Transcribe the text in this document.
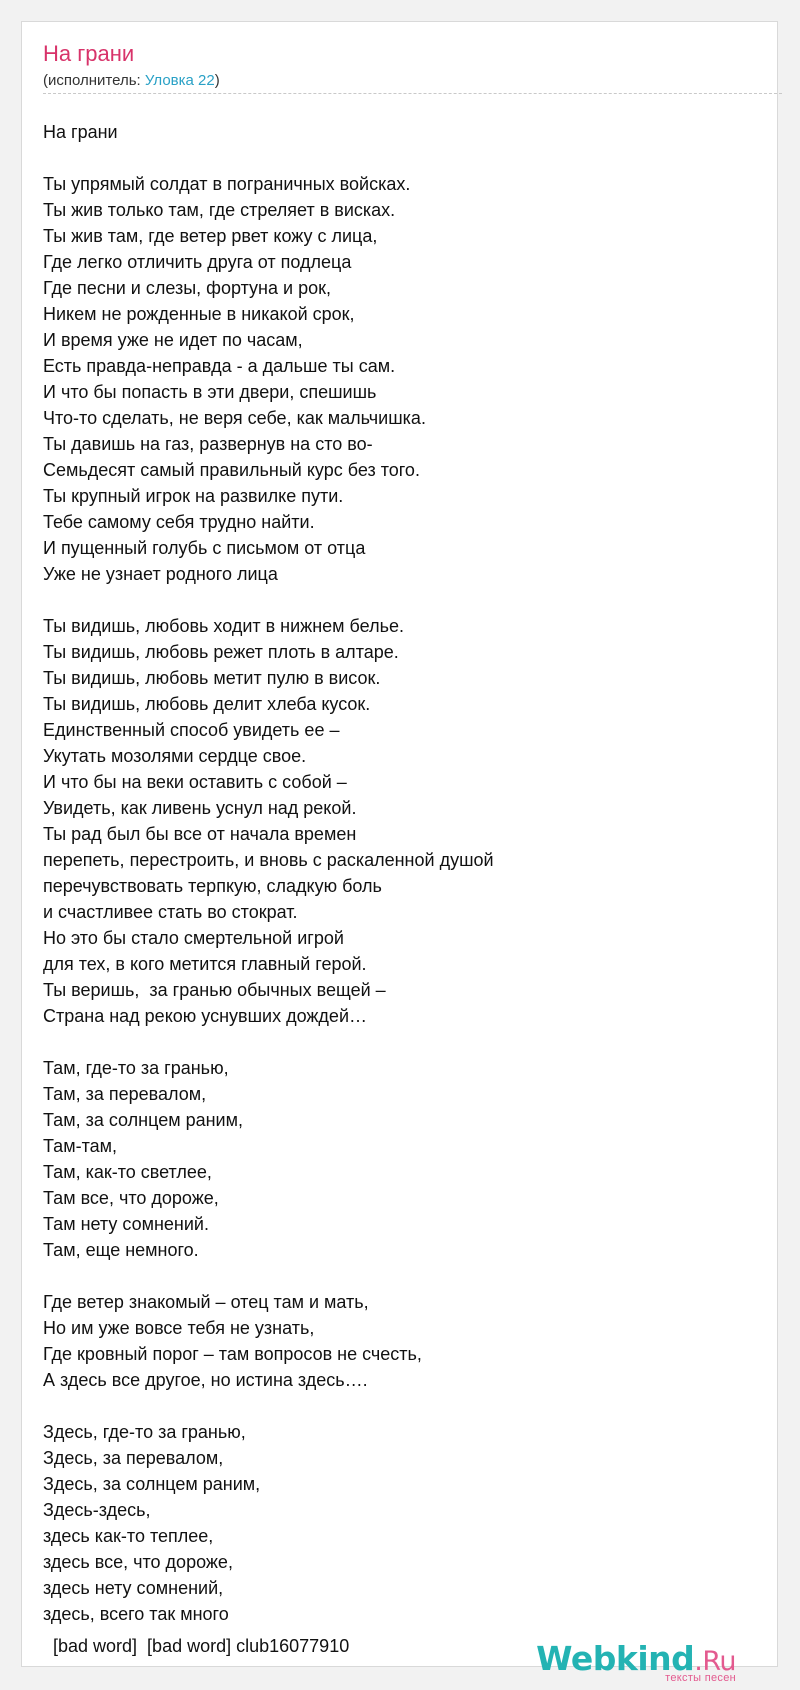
На грани
(исполнитель: Уловка 22)
На грани
Ты упрямый солдат в пограничных войсках.
Ты жив только там, где стреляет в висках.
Ты жив там, где ветер рвет кожу с лица,
Где легко отличить друга от подлеца
Где песни и слезы, фортуна и рок,
Никем не рожденные в никакой срок,
И время уже не идет по часам,
Есть правда-неправда - а дальше ты сам.
И что бы попасть в эти двери, спешишь
Что-то сделать, не веря себе, как мальчишка.
Ты давишь на газ, развернув на сто во-
Семьдесят самый правильный курс без того.
Ты крупный игрок на развилке пути.
Тебе самому себя трудно найти.
И пущенный голубь с письмом от отца
Уже не узнает родного лица
Ты видишь, любовь ходит в нижнем белье.
Ты видишь, любовь режет плоть в алтаре.
Ты видишь, любовь метит пулю в висок.
Ты видишь, любовь делит хлеба кусок.
Единственный способ увидеть ее –
Укутать мозолями сердце свое.
И что бы на веки оставить с собой –
Увидеть, как ливень уснул над рекой.
Ты рад был бы все от начала времен
перепеть, перестроить, и вновь с раскаленной душой
перечувствовать терпкую, сладкую боль
и счастливее стать во стократ.
Но это бы стало смертельной игрой
для тех, в кого метится главный герой.
Ты веришь,  за гранью обычных вещей –
Страна над рекою уснувших дождей…
Там, где-то за гранью,
Там, за перевалом,
Там, за солнцем раним,
Там-там,
Там, как-то светлее,
Там все, что дороже,
Там нету сомнений.
Там, еще немного.
Где ветер знакомый – отец там и мать,
Но им уже вовсе тебя не узнать,
Где кровный порог – там вопросов не счесть,
А здесь все другое, но истина здесь….
Здесь, где-то за гранью,
Здесь, за перевалом,
Здесь, за солнцем раним,
Здесь-здесь,
здесь как-то теплее,
здесь все, что дороже,
здесь нету сомнений,
здесь, всего так много
[bad word]  [bad word] club16077910	Webkind.Ru
тексты песен
